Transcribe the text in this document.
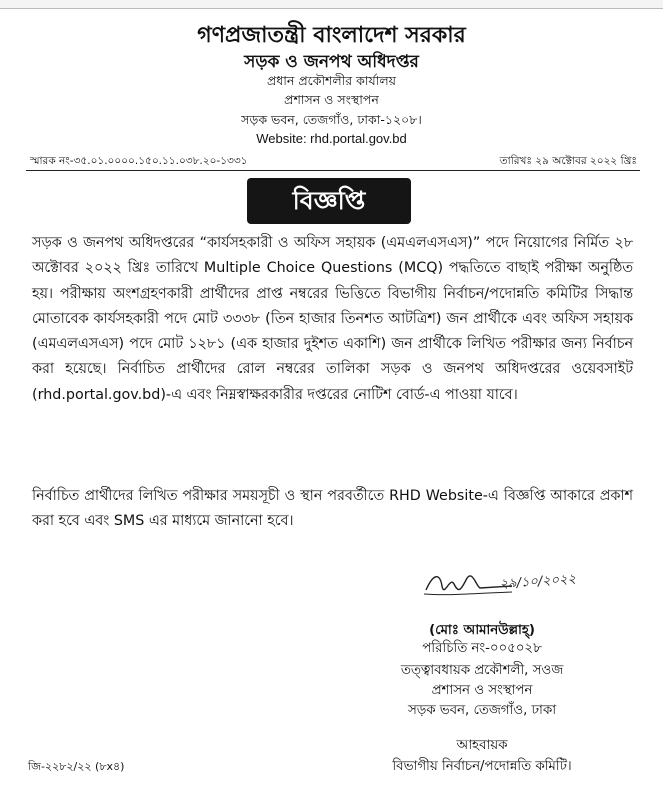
গণপ্রজাতন্ত্রী বাংলাদেশ সরকার
সড়ক ও জনপথ অধিদপ্তর
প্রধান প্রকৌশলীর কার্যালয়
প্রশাসন ও সংস্থাপন
সড়ক ভবন, তেজগাঁও, ঢাকা-১২০৮।
Website: rhd.portal.gov.bd
স্মারক নং-৩৫.০১.০০০০.১৫০.১১.০৩৮.২০-১৩৩১	তারিখঃ ২৯ অক্টোবর ২০২২ খ্রিঃ
বিজ্ঞপ্তি

সড়ক ও জনপথ অধিদপ্তরের “কার্যসহকারী ও অফিস সহায়ক (এমএলএসএস)” পদে নিয়োগের নির্মিত ২৮ অক্টোবর ২০২২ খ্রিঃ তারিখে Multiple Choice Questions (MCQ) পদ্ধতিতে বাছাই পরীক্ষা অনুষ্ঠিত হয়। পরীক্ষায় অংশগ্রহণকারী প্রার্থীদের প্রাপ্ত নম্বরের ভিত্তিতে বিভাগীয় নির্বাচন/পদোন্নতি কমিটির সিদ্ধান্ত মোতাবেক কার্যসহকারী পদে মোট ৩৩৩৮ (তিন হাজার তিনশত আটত্রিশ) জন প্রার্থীকে এবং অফিস সহায়ক (এমএলএসএস) পদে মোট ১২৮১ (এক হাজার দুইশত একাশি) জন প্রার্থীকে লিখিত পরীক্ষার জন্য নির্বাচন করা হয়েছে। নির্বাচিত প্রার্থীদের রোল নম্বরের তালিকা সড়ক ও জনপথ অধিদপ্তরের ওয়েবসাইট (rhd.portal.gov.bd)-এ এবং নিম্নস্বাক্ষরকারীর দপ্তরের নোটিশ বোর্ড-এ পাওয়া যাবে।

নির্বাচিত প্রার্থীদের লিখিত পরীক্ষার সময়সূচী ও স্থান পরবর্তীতে RHD Website-এ বিজ্ঞপ্তি আকারে প্রকাশ করা হবে এবং SMS এর মাধ্যমে জানানো হবে।

২৯/১০/২০২২
(মোঃ আমানউল্লাহ্)
পরিচিতি নং-০০৫০২৮
তত্ত্বাবধায়ক প্রকৌশলী, সওজ
প্রশাসন ও সংস্থাপন
সড়ক ভবন, তেজগাঁও, ঢাকা
আহবায়ক
বিভাগীয় নির্বাচন/পদোন্নতি কমিটি।
জি-২২৮২/২২ (৮x৪)
